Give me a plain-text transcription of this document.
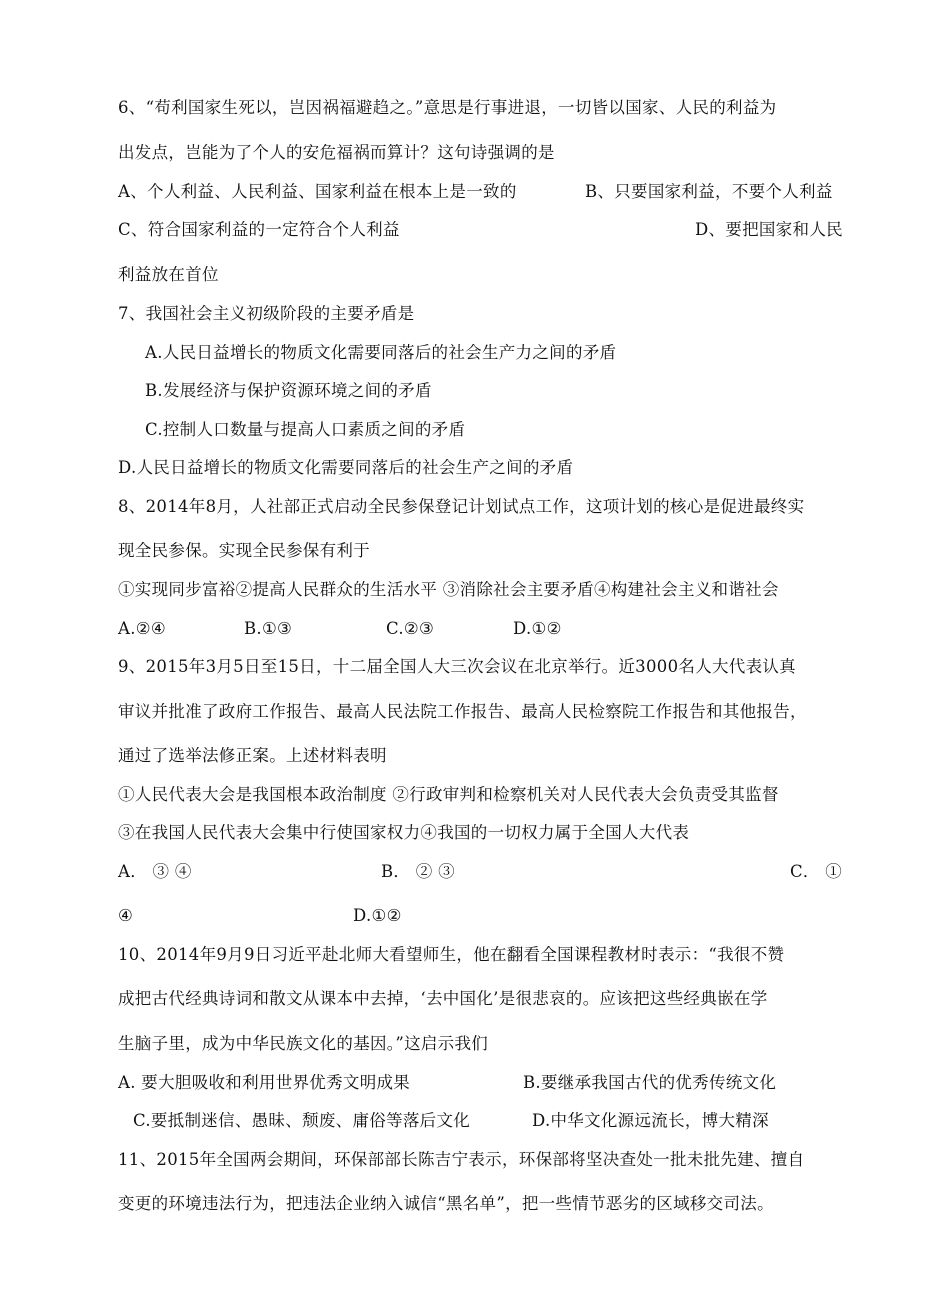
6、“苟利国家生死以，岂因祸福避趋之。”意思是行事进退，一切皆以国家、人民的利益为
出发点，岂能为了个人的安危福祸而算计？这句诗强调的是
A、个人利益、人民利益、国家利益在根本上是一致的	B、只要国家利益，不要个人利益
C、符合国家利益的一定符合个人利益	D、要把国家和人民
利益放在首位
7、我国社会主义初级阶段的主要矛盾是
A.人民日益增长的物质文化需要同落后的社会生产力之间的矛盾
B.发展经济与保护资源环境之间的矛盾
C.控制人口数量与提高人口素质之间的矛盾
D.人民日益增长的物质文化需要同落后的社会生产之间的矛盾
8、2014年8月，人社部正式启动全民参保登记计划试点工作，这项计划的核心是促进最终实
现全民参保。实现全民参保有利于
①实现同步富裕②提高人民群众的生活水平 ③消除社会主要矛盾④构建社会主义和谐社会
A.②④	B.①③	C.②③	D.①②
9、2015年3月5日至15日，十二届全国人大三次会议在北京举行。近3000名人大代表认真
审议并批准了政府工作报告、最高人民法院工作报告、最高人民检察院工作报告和其他报告，
通过了选举法修正案。上述材料表明
①人民代表大会是我国根本政治制度 ②行政审判和检察机关对人民代表大会负责受其监督
③在我国人民代表大会集中行使国家权力④我国的一切权力属于全国人大代表
A． ③ ④	B． ② ③	C． ①
④	D.①②
10、2014年9月9日习近平赴北师大看望师生，他在翻看全国课程教材时表示：“我很不赞
成把古代经典诗词和散文从课本中去掉，‘去中国化’是很悲哀的。应该把这些经典嵌在学
生脑子里，成为中华民族文化的基因。”这启示我们
A. 要大胆吸收和利用世界优秀文明成果	B.要继承我国古代的优秀传统文化
C.要抵制迷信、愚昧、颓废、庸俗等落后文化	D.中华文化源远流长，博大精深
11、2015年全国两会期间，环保部部长陈吉宁表示，环保部将坚决查处一批未批先建、擅自
变更的环境违法行为，把违法企业纳入诚信“黑名单”，把一些情节恶劣的区域移交司法。
